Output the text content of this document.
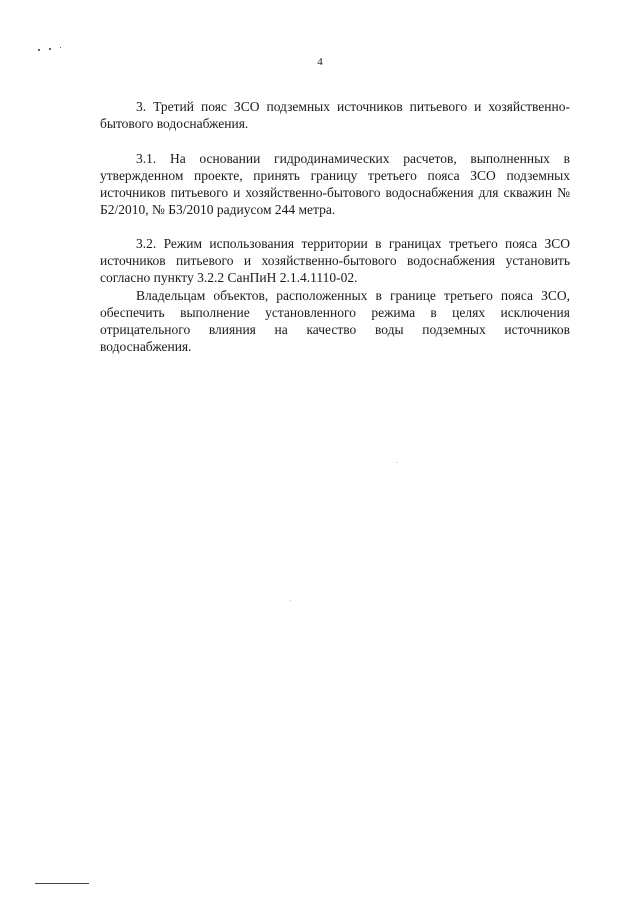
4

3. Третий пояс ЗСО подземных источников питьевого и хозяйственно-бытового водоснабжения.

3.1. На основании гидродинамических расчетов, выполненных в утвержденном проекте, принять границу третьего пояса ЗСО подземных источников питьевого и хозяйственно-бытового водоснабжения для скважин № Б2/2010, № Б3/2010 радиусом 244 метра.

3.2. Режим использования территории в границах третьего пояса ЗСО источников питьевого и хозяйственно-бытового водоснабжения установить согласно пункту 3.2.2 СанПиН 2.1.4.1110-02.

Владельцам объектов, расположенных в границе третьего пояса ЗСО, обеспечить выполнение установленного режима в целях исключения отрицательного влияния на качество воды подземных источников водоснабжения.
